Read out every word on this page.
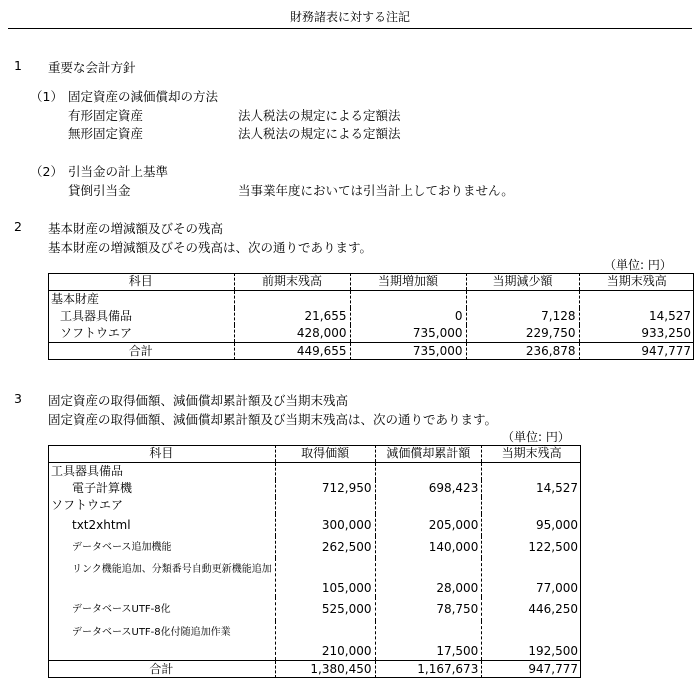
財務諸表に対する注記
1 重要な会計方針
（1） 固定資産の減価償却の方法
有形固定資産	法人税法の規定による定額法
無形固定資産	法人税法の規定による定額法
（2） 引当金の計上基準
貸倒引当金	当事業年度においては引当計上しておりません。
2 基本財産の増減額及びその残高
基本財産の増減額及びその残高は、次の通りであります。
（単位: 円）
科目	前期末残高	当期増加額	当期減少額	当期末残高
基本財産				
工具器具備品	21,655	0	7,128	14,527
ソフトウエア	428,000	735,000	229,750	933,250
合計	449,655	735,000	236,878	947,777
3 固定資産の取得価額、減価償却累計額及び当期末残高
固定資産の取得価額、減価償却累計額及び当期末残高は、次の通りであります。
（単位: 円）
科目	取得価額	減価償却累計額	当期末残高
工具器具備品			
電子計算機	712,950	698,423	14,527
ソフトウエア			
txt2xhtml	300,000	205,000	95,000
データベース追加機能	262,500	140,000	122,500
リンク機能追加、分類番号自動更新機能追加	105,000	28,000	77,000
データベースUTF-8化	525,000	78,750	446,250
データベースUTF-8化付随追加作業	210,000	17,500	192,500
合計	1,380,450	1,167,673	947,777
